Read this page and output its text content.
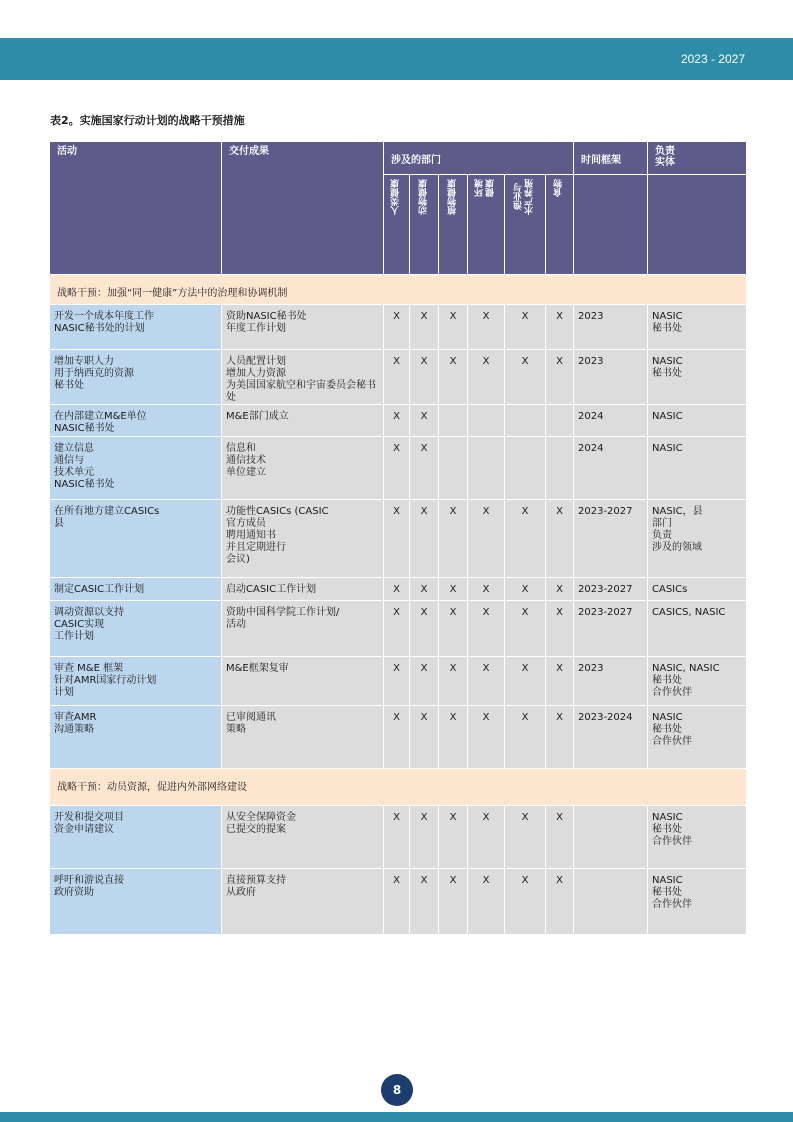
2023 - 2027
表2。实施国家行动计划的战略干预措施
活动	交付成果	涉及的部门						时间框架	负责
实体

		人类健康	动物健康	植物健康	环境
健康	渔业与
水产养殖	食物		

战略干预：加强“同一健康”方法中的治理和协调机制									

开发一个成本年度工作
NASIC秘书处的计划	资助NASIC秘书处
年度工作计划	X	X	X	X	X	X	2023	NASIC
秘书处

增加专职人力
用于纳西克的资源
秘书处	人员配置计划
增加人力资源
为美国国家航空和宇宙委员会秘书处	X	X	X	X	X	X	2023	NASIC
秘书处

在内部建立M&E单位
NASIC秘书处	M&E部门成立	X	X					2024	NASIC

建立信息
通信与
技术单元
NASIC秘书处	信息和
通信技术
单位建立	X	X					2024	NASIC

在所有地方建立CASICs
县	功能性CASICs (CASIC
官方成员
聘用通知书
并且定期进行
会议)	X	X	X	X	X	X	2023-2027	NASIC，县
部门
负责
涉及的领域

制定CASIC工作计划	启动CASIC工作计划	X	X	X	X	X	X	2023-2027	CASICs

调动资源以支持
CASIC实现
工作计划	资助中国科学院工作计划/
活动	X	X	X	X	X	X	2023-2027	CASICS, NASIC

审查 M&E 框架
针对AMR国家行动计划
计划	M&E框架复审	X	X	X	X	X	X	2023	NASIC, NASIC
秘书处
合作伙伴

审查AMR
沟通策略	已审阅通讯
策略	X	X	X	X	X	X	2023-2024	NASIC
秘书处
合作伙伴

战略干预：动员资源，促进内外部网络建设									

开发和提交项目
资金申请建议	从安全保障资金
已提交的提案	X	X	X	X	X	X		NASIC
秘书处
合作伙伴

呼吁和游说直接
政府资助	直接预算支持
从政府	X	X	X	X	X	X		NASIC
秘书处
合作伙伴
8
